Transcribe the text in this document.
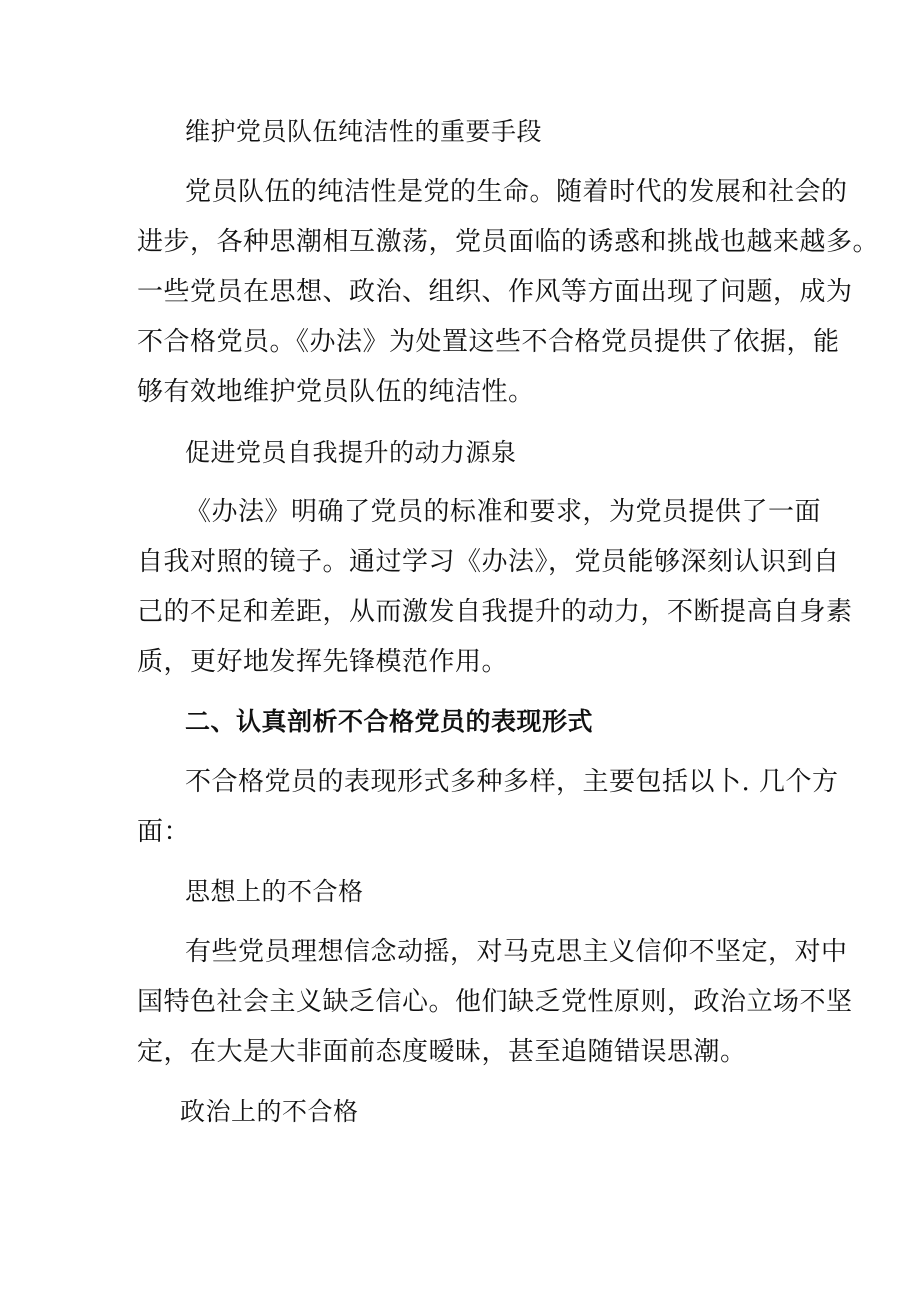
维护党员队伍纯洁性的重要手段
党员队伍的纯洁性是党的生命。随着时代的发展和社会的
进步，各种思潮相互激荡，党员面临的诱惑和挑战也越来越多。
一些党员在思想、政治、组织、作风等方面出现了问题，成为
不合格党员。《办法》为处置这些不合格党员提供了依据，能
够有效地维护党员队伍的纯洁性。
促进党员自我提升的动力源泉
《办法》明确了党员的标准和要求，为党员提供了一面
自我对照的镜子。通过学习《办法》，党员能够深刻认识到自
己的不足和差距，从而激发自我提升的动力，不断提高自身素
质，更好地发挥先锋模范作用。
二、认真剖析不合格党员的表现形式
不合格党员的表现形式多种多样，主要包括以卜. 几个方
面：
思想上的不合格
有些党员理想信念动摇，对马克思主义信仰不坚定，对中
国特色社会主义缺乏信心。他们缺乏党性原则，政治立场不坚
定，在大是大非面前态度暧昧，甚至追随错误思潮。
政治上的不合格
